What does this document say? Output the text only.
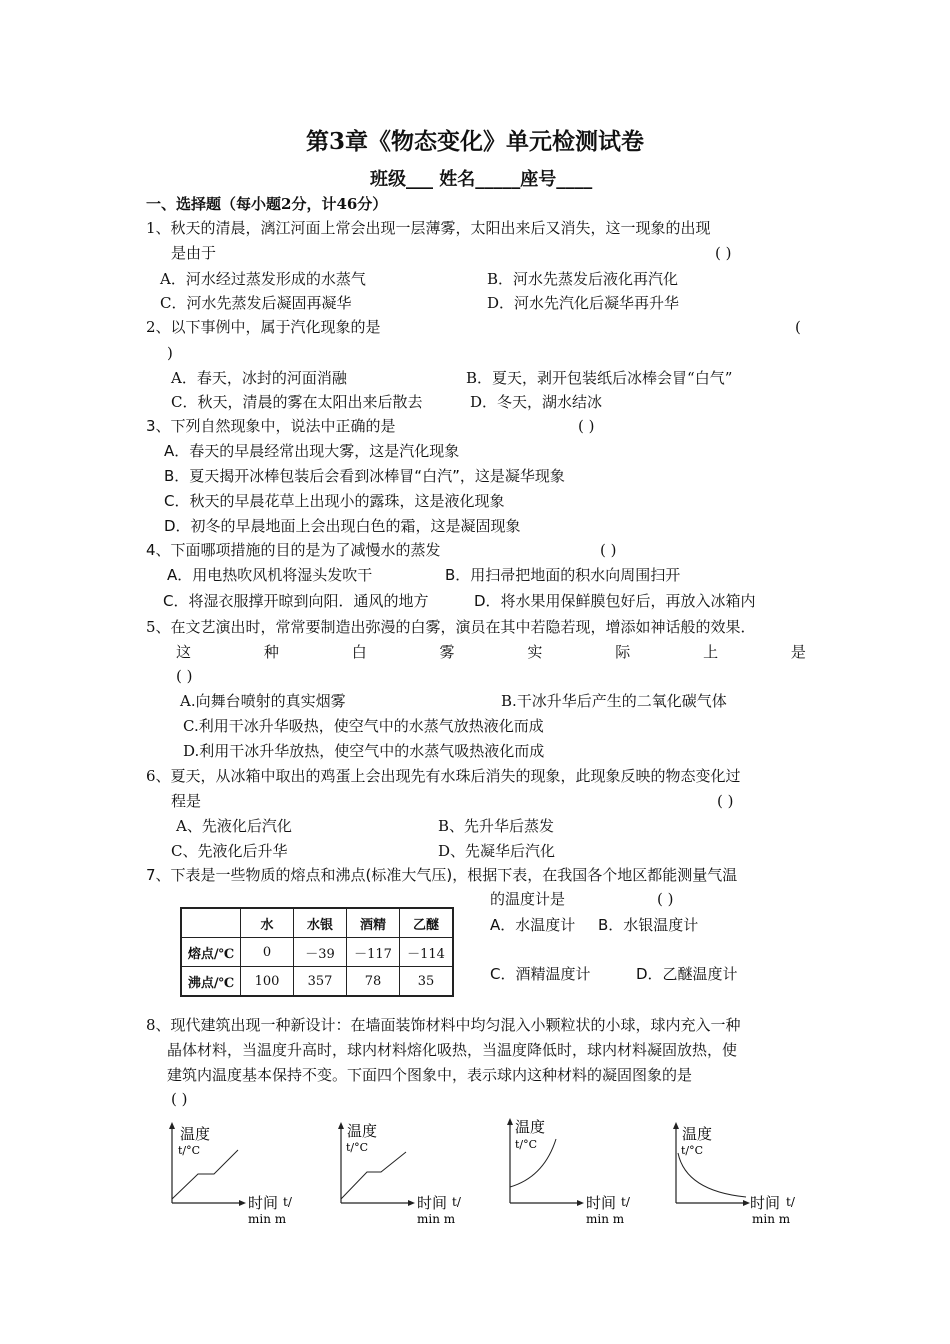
第3章《物态变化》单元检测试卷
班级___ 姓名_____座号____
一、选择题（每小题2分，计46分）
1、秋天的清晨，漓江河面上常会出现一层薄雾，太阳出来后又消失，这一现象的出现
是由于	( )
A．河水经过蒸发形成的水蒸气	B．河水先蒸发后液化再汽化
C．河水先蒸发后凝固再凝华	D．河水先汽化后凝华再升华
2、以下事例中，属于汽化现象的是	(
)
A．春天，冰封的河面消融	B．夏天，剥开包装纸后冰棒会冒“白气”
C．秋天，清晨的雾在太阳出来后散去	D．冬天，湖水结冰
3、下列自然现象中，说法中正确的是	( )
A．春天的早晨经常出现大雾，这是汽化现象
B．夏天揭开冰棒包装后会看到冰棒冒“白汽”，这是凝华现象
C．秋天的早晨花草上出现小的露珠，这是液化现象
D．初冬的早晨地面上会出现白色的霜，这是凝固现象
4、下面哪项措施的目的是为了减慢水的蒸发	( )
A．用电热吹风机将湿头发吹干	B．用扫帚把地面的积水向周围扫开
C．将湿衣服撑开晾到向阳．通风的地方	D．将水果用保鲜膜包好后，再放入冰箱内
5、在文艺演出时，常常要制造出弥漫的白雾，演员在其中若隐若现，增添如神话般的效果．
这	种	白	雾	实	际	上	是
( )
A.向舞台喷射的真实烟雾	B.干冰升华后产生的二氧化碳气体
C.利用干冰升华吸热，使空气中的水蒸气放热液化而成
D.利用干冰升华放热，使空气中的水蒸气吸热液化而成
6、夏天，从冰箱中取出的鸡蛋上会出现先有水珠后消失的现象，此现象反映的物态变化过
程是	( )
A、先液化后汽化	B、先升华后蒸发
C、先液化后升华	D、先凝华后汽化
7、下表是一些物质的熔点和沸点(标准大气压)，根据下表，在我国各个地区都能测量气温
的温度计是	( )
A．水温度计 B．水银温度计
C．酒精温度计	D．乙醚温度计
	水	水银	酒精	乙醚
熔点/℃	0	－39	－117	－114
沸点/℃	100	357	78	35
8、现代建筑出现一种新设计：在墙面装饰材料中均匀混入小颗粒状的小球，球内充入一种
晶体材料，当温度升高时，球内材料熔化吸热，当温度降低时，球内材料凝固放热，使
建筑内温度基本保持不变。下面四个图象中，表示球内这种材料的凝固图象的是
( )
温度
t/°C
时间 t/
min m
温度
t/°C
时间 t/
min m
温度
t/°C
时间 t/
min m
温度
t/°C
时间 t/
min m
